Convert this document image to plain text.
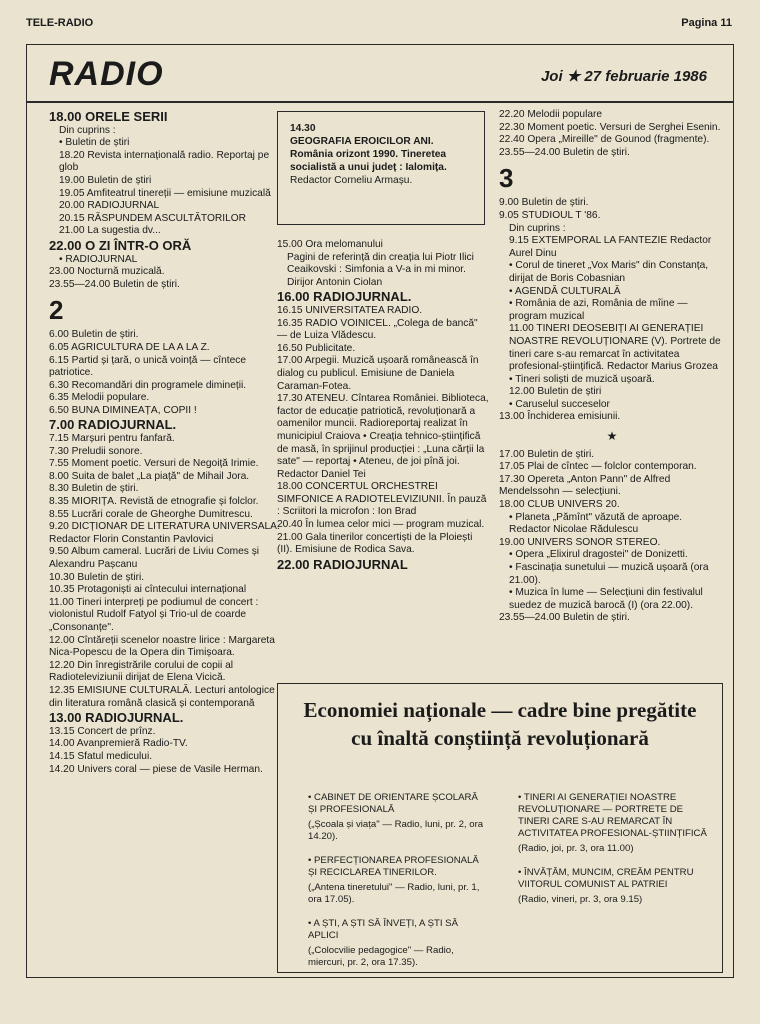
TELE-RADIO	Pagina 11
RADIO	Joi ★ 27 februarie 1986
18.00 ORELE SERII
Din cuprins :
• Buletin de știri
18.20 Revista internațională radio. Reportaj pe glob
19.00 Buletin de știri
19.05 Amfiteatrul tinereții — emisiune muzicală
20.00 RADIOJURNAL
20.15 RĂSPUNDEM ASCULTĂTORILOR
21.00 La sugestia dv...
22.00 O ZI ÎNTR-O ORĂ
• RADIOJURNAL
23.00 Nocturnă muzicală.
23.55—24.00 Buletin de știri.
2
6.00 Buletin de știri.
6.05 AGRICULTURA DE LA A LA Z.
6.15 Partid și țară, o unică voință — cîntece patriotice.
6.30 Recomandări din programele dimineții.
6.35 Melodii populare.
6.50 BUNA DIMINEAȚA, COPII !
7.00 RADIOJURNAL.
7.15 Marșuri pentru fanfară.
7.30 Preludii sonore.
7.55 Moment poetic. Versuri de Negoiță Irimie.
8.00 Suita de balet „La piață" de Mihail Jora.
8.30 Buletin de știri.
8.35 MIORIȚA. Revistă de etnografie și folclor.
8.55 Lucrări corale de Gheorghe Dumitrescu.
9.20 DICȚIONAR DE LITERATURA UNIVERSALA. Redactor Florin Constantin Pavlovici
9.50 Album cameral. Lucrări de Liviu Comes și Alexandru Pașcanu
10.30 Buletin de știri.
10.35 Protagoniști ai cîntecului internațional
11.00 Tineri interpreți pe podiumul de concert : violonistul Rudolf Fatyol și Trio-ul de coarde „Consonanțe".
12.00 Cîntăreții scenelor noastre lirice : Margareta Nica-Popescu de la Opera din Timișoara.
12.20 Din înregistrările corului de copii al Radioteleviziunii dirijat de Elena Vicică.
12.35 EMISIUNE CULTURALĂ. Lecturi antologice din literatura română clasică și contemporană
13.00 RADIOJURNAL.
13.15 Concert de prînz.
14.00 Avanpremieră Radio-TV.
14.15 Sfatul medicului.
14.20 Univers coral — piese de Vasile Herman.
14.30
GEOGRAFIA EROICILOR ANI. România orizont 1990. Tineretea socialistă a unui județ : Ialomița.
Redactor Corneliu Armașu.
15.00 Ora melomanului
Pagini de referință din creația lui Piotr Ilici Ceaikovski : Simfonia a V-a in mi minor. Dirijor Antonin Ciolan
16.00 RADIOJURNAL.
16.15 UNIVERSITATEA RADIO.
16.35 RADIO VOINICEL. „Colega de bancă" — de Luiza Vlădescu.
16.50 Publicitate.
17.00 Arpegii. Muzică ușoară românească în dialog cu publicul. Emisiune de Daniela Caraman-Fotea.
17.30 ATENEU. Cîntarea României. Biblioteca, factor de educație patriotică, revoluționară a oamenilor muncii. Radioreportaj realizat în municipiul Craiova • Creația tehnico-științifică de masă, în sprijinul producției : „Luna cărții la sate" — reportaj • Ateneu, de joi pînă joi. Redactor Daniel Tei
18.00 CONCERTUL ORCHESTREI SIMFONICE A RADIOTELEVIZIUNII. În pauză : Scriitori la microfon : Ion Brad
20.40 În lumea celor mici — program muzical.
21.00 Gala tinerilor concertiști de la Ploiești (II). Emisiune de Rodica Sava.
22.00 RADIOJURNAL
22.20 Melodii populare
22.30 Moment poetic. Versuri de Serghei Esenin.
22.40 Opera „Mireille" de Gounod (fragmente).
23.55—24.00 Buletin de știri.
3
9.00 Buletin de știri.
9.05 STUDIOUL T '86.
Din cuprins :
9.15 EXTEMPORAL LA FANTEZIE Redactor Aurel Dinu
• Corul de tineret „Vox Maris" din Constanța, dirijat de Boris Cobasnian
• AGENDĂ CULTURALĂ
• România de azi, România de mîine — program muzical
11.00 TINERI DEOSEBIȚI AI GENERAȚIEI NOASTRE REVOLUȚIONARE (V). Portrete de tineri care s-au remarcat în activitatea profesional-științifică. Redactor Marius Grozea
• Tineri soliști de muzică ușoară.
12.00 Buletin de știri
• Caruselul succeselor
13.00 Închiderea emisiunii.
★
17.00 Buletin de știri.
17.05 Plai de cîntec — folclor contemporan.
17.30 Opereta „Anton Pann" de Alfred Mendelssohn — selecțiuni.
18.00 CLUB UNIVERS 20.
• Planeta „Pămînt" văzută de aproape. Redactor Nicolae Rădulescu
19.00 UNIVERS SONOR STEREO.
• Opera „Elixirul dragostei" de Donizetti.
• Fascinația sunetului — muzică ușoară (ora 21.00).
• Muzica în lume — Selecțiuni din festivalul suedez de muzică barocă (I) (ora 22.00).
23.55—24.00 Buletin de știri.
Economiei naționale — cadre bine pregătite
cu înaltă conștiință revoluționară

• CABINET DE ORIENTARE ȘCOLARĂ ȘI PROFESIONALĂ
(„Școala și viața" — Radio, luni, pr. 2, ora 14.20).

• PERFECȚIONAREA PROFESIONALĂ ȘI RECICLAREA TINERILOR.
(„Antena tineretului" — Radio, luni, pr. 1, ora 17.05).

• A ȘTI, A ȘTI SĂ ÎNVEȚI, A ȘTI SĂ APLICI
(„Colocvilie pedagogice" — Radio, miercuri, pr. 2, ora 17.35).

• TINERI AI GENERAȚIEI NOASTRE REVOLUȚIONARE — PORTRETE DE TINERI CARE S-AU REMARCAT ÎN ACTIVITATEA PROFESIONAL-ȘTIINȚIFICĂ
(Radio, joi, pr. 3, ora 11.00)

• ÎNVĂȚĂM, MUNCIM, CREĂM PENTRU VIITORUL COMUNIST AL PATRIEI
(Radio, vineri, pr. 3, ora 9.15)
